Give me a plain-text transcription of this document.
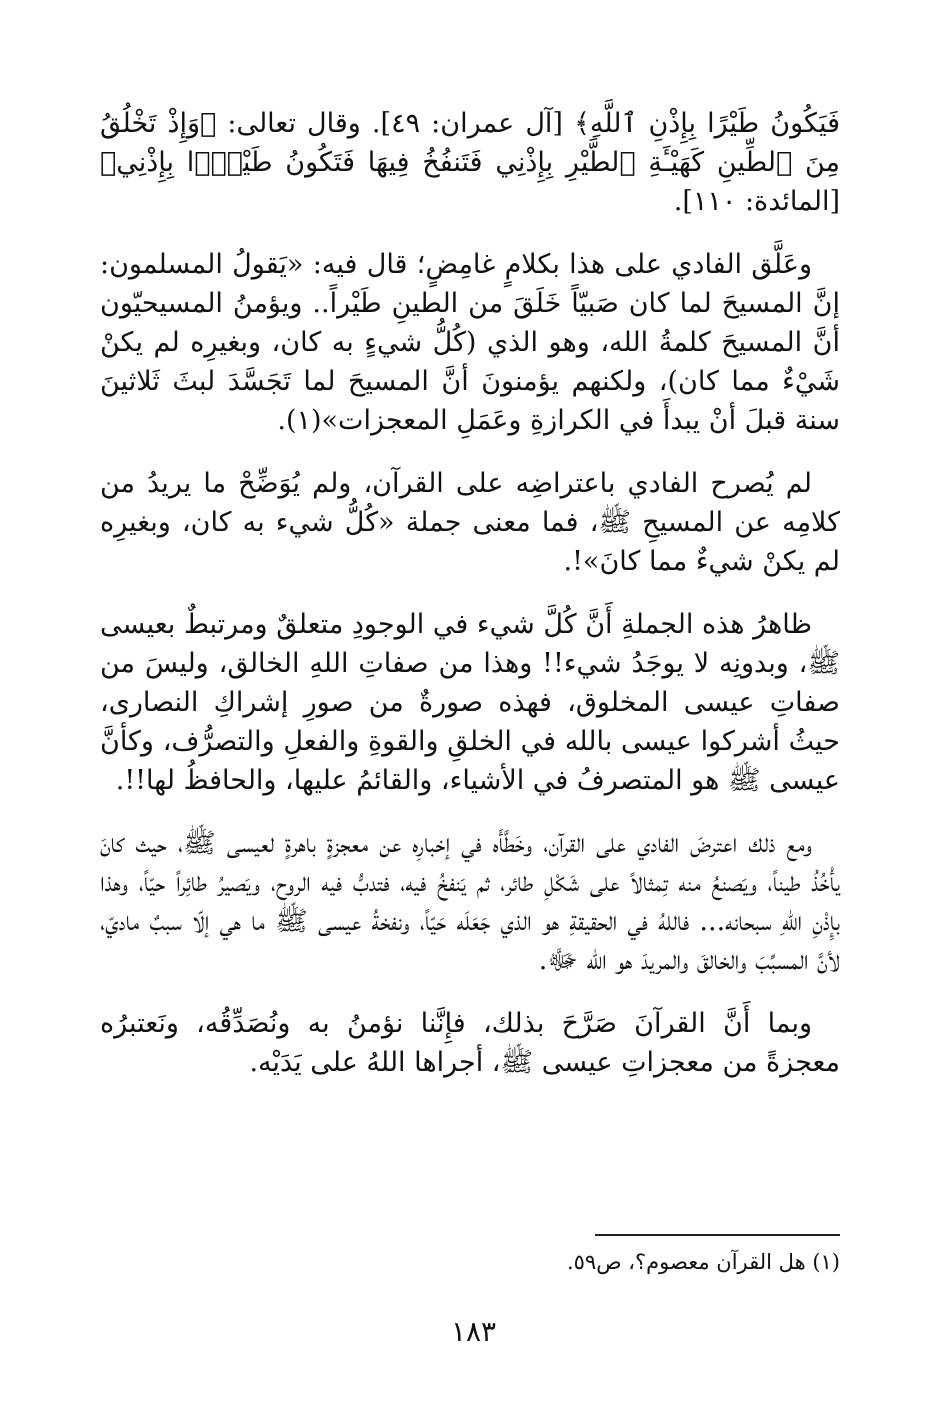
فَيَكُونُ طَيْرًا بِإِذْنِ ٱللَّهِ﴾ [آل عمران: ٤٩]. وقال تعالى: ﴿وَإِذْ تَخْلُقُ مِنَ ٱلطِّينِ كَهَيْـَٔةِ ٱلطَّيْرِ بِإِذْنِي فَتَنفُخُ فِيهَا فَتَكُونُ طَيْرًۢا بِإِذْنِي﴾ [المائدة: ١١٠].

وعَلَّق الفادي على هذا بكلامٍ غامِضٍ؛ قال فيه: «يَقولُ المسلمون: إنَّ المسيحَ لما كان صَبيّاً خَلَقَ من الطينِ طَيْراً.. ويؤمنُ المسيحيّون أنَّ المسيحَ كلمةُ الله، وهو الذي (كُلُّ شيءٍ به كان، وبغيرِه لم يكنْ شَيْءٌ مما كان)، ولكنهم يؤمنونَ أنَّ المسيحَ لما تَجَسَّدَ لبثَ ثَلاثينَ سنة قبلَ أنْ يبدأَ في الكرازةِ وعَمَلِ المعجزات»(١).

لم يُصرح الفادي باعتراضِه على القرآن، ولم يُوَضِّحْ ما يريدُ من كلامِه عن المسيحِ ﷺ، فما معنى جملة «كُلُّ شيء به كان، وبغيرِه لم يكنْ شيءٌ مما كانَ»!.

ظاهرُ هذه الجملةِ أَنَّ كُلَّ شيء في الوجودِ متعلقٌ ومرتبطٌ بعيسى ﷺ، وبدونِه لا يوجَدُ شيء!! وهذا من صفاتِ اللهِ الخالق، وليسَ من صفاتِ عيسى المخلوق، فهذه صورةٌ من صورِ إشراكِ النصارى، حيثُ أشركوا عيسى بالله في الخلقِ والقوةِ والفعلِ والتصرُّف، وكأنَّ عيسى ﷺ هو المتصرفُ في الأشياء، والقائمُ عليها، والحافظُ لها!!.

ومع ذلك اعترضَ الفادي على القرآن، وخَطَّأَه في إخبارِه عن معجزةٍ باهرةٍ لعيسى ﷺ، حيث كانَ يأْخُذُ طيناً، ويَصنعُ منه تِمثالاً على شَكْلِ طائر، ثم يَنفخُ فيه، فتدبُّ فيه الروح، ويَصيرُ طائِراً حيّاً، وهذا بإِذْنِ اللهِ سبحانه... فاللهُ في الحقيقةِ هو الذي جَعَلَه حَيّاً، ونفخةُ عيسى ﷺ ما هي إلّا سببٌ ماديّ، لأنَّ المسبِّبَ والخالقَ والمريدَ هو الله ﷻ.

وبما أَنَّ القرآنَ صَرَّحَ بذلك، فإِنَّنا نؤمنُ به ونُصَدِّقُه، ونَعتبرُه معجزةً من معجزاتِ عيسى ﷺ، أجراها اللهُ على يَدَيْه.

(١) هل القرآن معصوم؟، ص٥٩.
١٨٣
